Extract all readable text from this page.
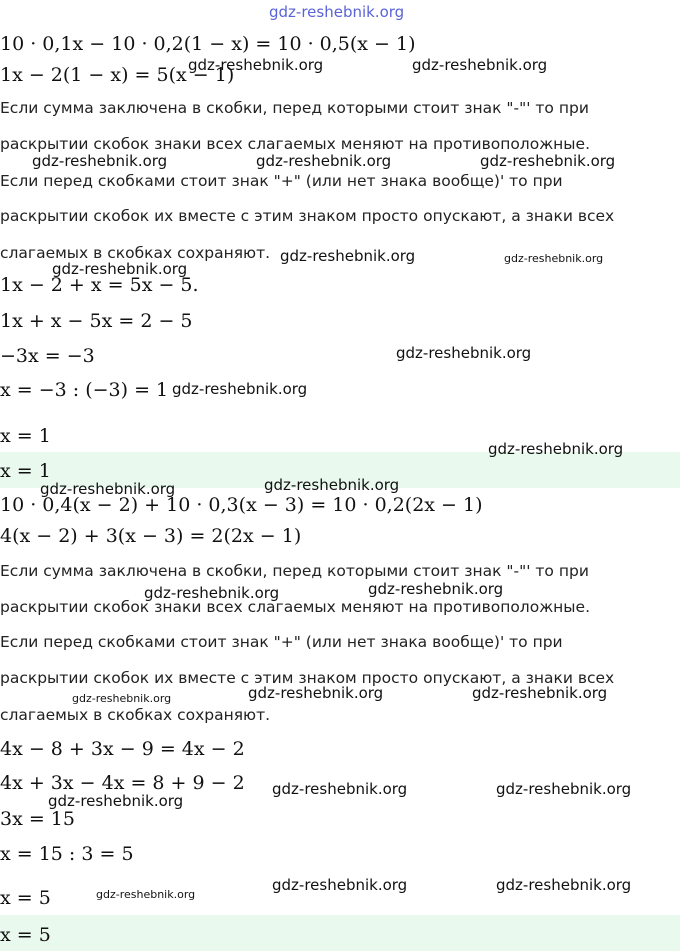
gdz-reshebnik.org
10 · 0,1x − 10 · 0,2(1 − x) = 10 · 0,5(x − 1)
1x − 2(1 − x) = 5(x − 1)
Если сумма заключена в скобки, перед которыми стоит знак "-"' то при
раскрытии скобок знаки всех слагаемых меняют на противоположные.
Если перед скобками стоит знак "+" (или нет знака вообще)' то при
раскрытии скобок их вместе с этим знаком просто опускают, а знаки всех
слагаемых в скобках сохраняют.
1x − 2 + x = 5x − 5.
1x + x − 5x = 2 − 5
−3x = −3
x = −3 : (−3) = 1
x = 1
x = 1
10 · 0,4(x − 2) + 10 · 0,3(x − 3) = 10 · 0,2(2x − 1)
4(x − 2) + 3(x − 3) = 2(2x − 1)
Если сумма заключена в скобки, перед которыми стоит знак "-"' то при
раскрытии скобок знаки всех слагаемых меняют на противоположные.
Если перед скобками стоит знак "+" (или нет знака вообще)' то при
раскрытии скобок их вместе с этим знаком просто опускают, а знаки всех
слагаемых в скобках сохраняют.
4x − 8 + 3x − 9 = 4x − 2
4x + 3x − 4x = 8 + 9 − 2
3x = 15
x = 15 : 3 = 5
x = 5
x = 5
gdz-reshebnik.org	gdz-reshebnik.org
gdz-reshebnik.org	gdz-reshebnik.org	gdz-reshebnik.org
gdz-reshebnik.org	gdz-reshebnik.org
gdz-reshebnik.org
gdz-reshebnik.org
gdz-reshebnik.org
gdz-reshebnik.org
gdz-reshebnik.org
gdz-reshebnik.org
gdz-reshebnik.org
gdz-reshebnik.org
gdz-reshebnik.org	gdz-reshebnik.org
gdz-reshebnik.org
gdz-reshebnik.org	gdz-reshebnik.org
gdz-reshebnik.org
gdz-reshebnik.org	gdz-reshebnik.org
gdz-reshebnik.org
